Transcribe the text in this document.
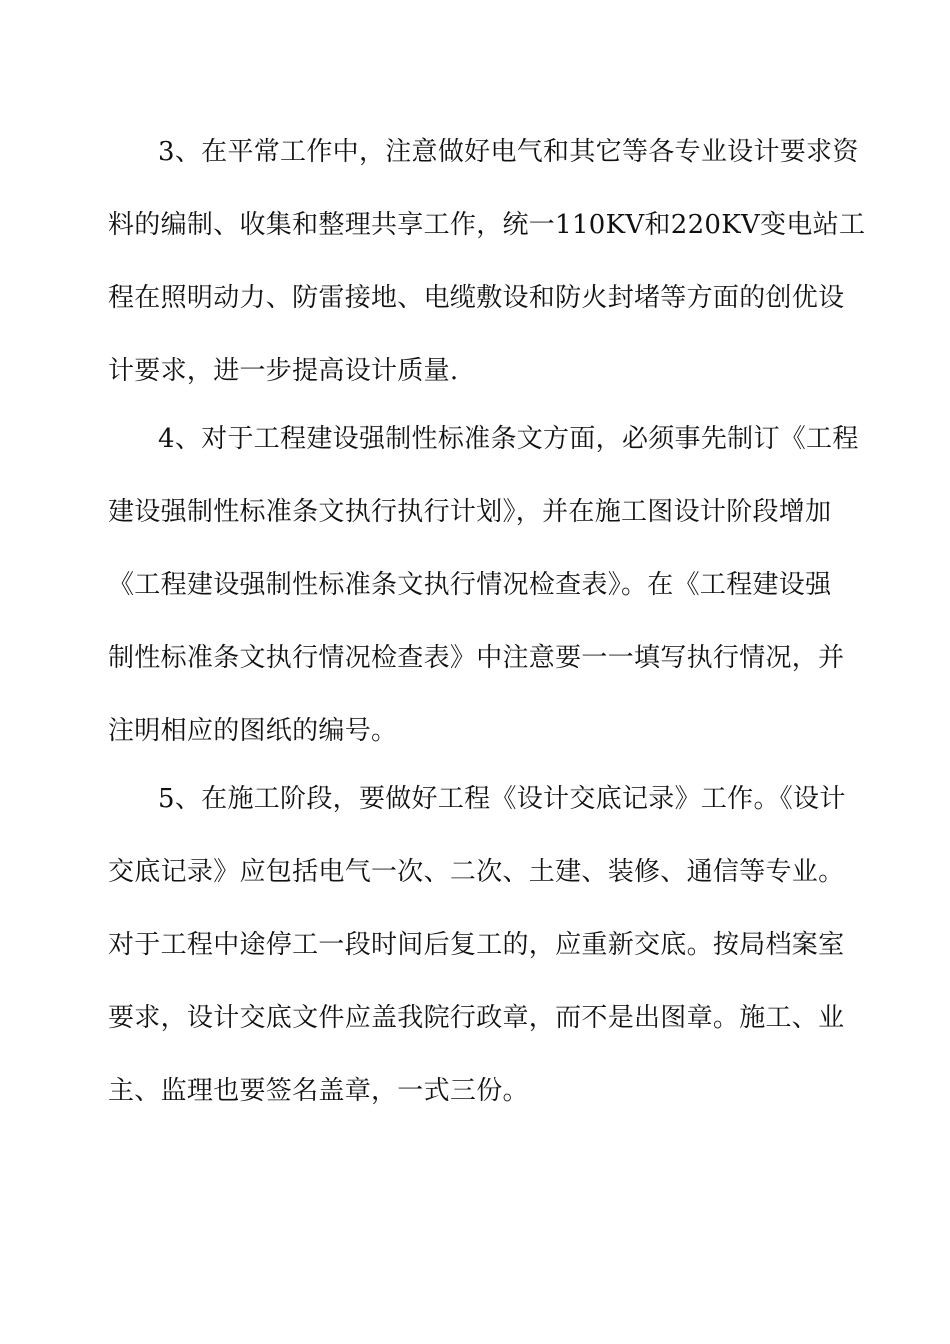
3、在平常工作中，注意做好电气和其它等各专业设计要求资
料的编制、收集和整理共享工作，统一110KV和220KV变电站工
程在照明动力、防雷接地、电缆敷设和防火封堵等方面的创优设
计要求，进一步提高设计质量.
4、对于工程建设强制性标准条文方面，必须事先制订《工程
建设强制性标准条文执行执行计划》，并在施工图设计阶段增加
《工程建设强制性标准条文执行情况检查表》。在《工程建设强
制性标准条文执行情况检查表》中注意要一一填写执行情况，并
注明相应的图纸的编号。
5、在施工阶段，要做好工程《设计交底记录》工作。《设计
交底记录》应包括电气一次、二次、土建、装修、通信等专业。
对于工程中途停工一段时间后复工的，应重新交底。按局档案室
要求，设计交底文件应盖我院行政章，而不是出图章。施工、业
主、监理也要签名盖章，一式三份。
